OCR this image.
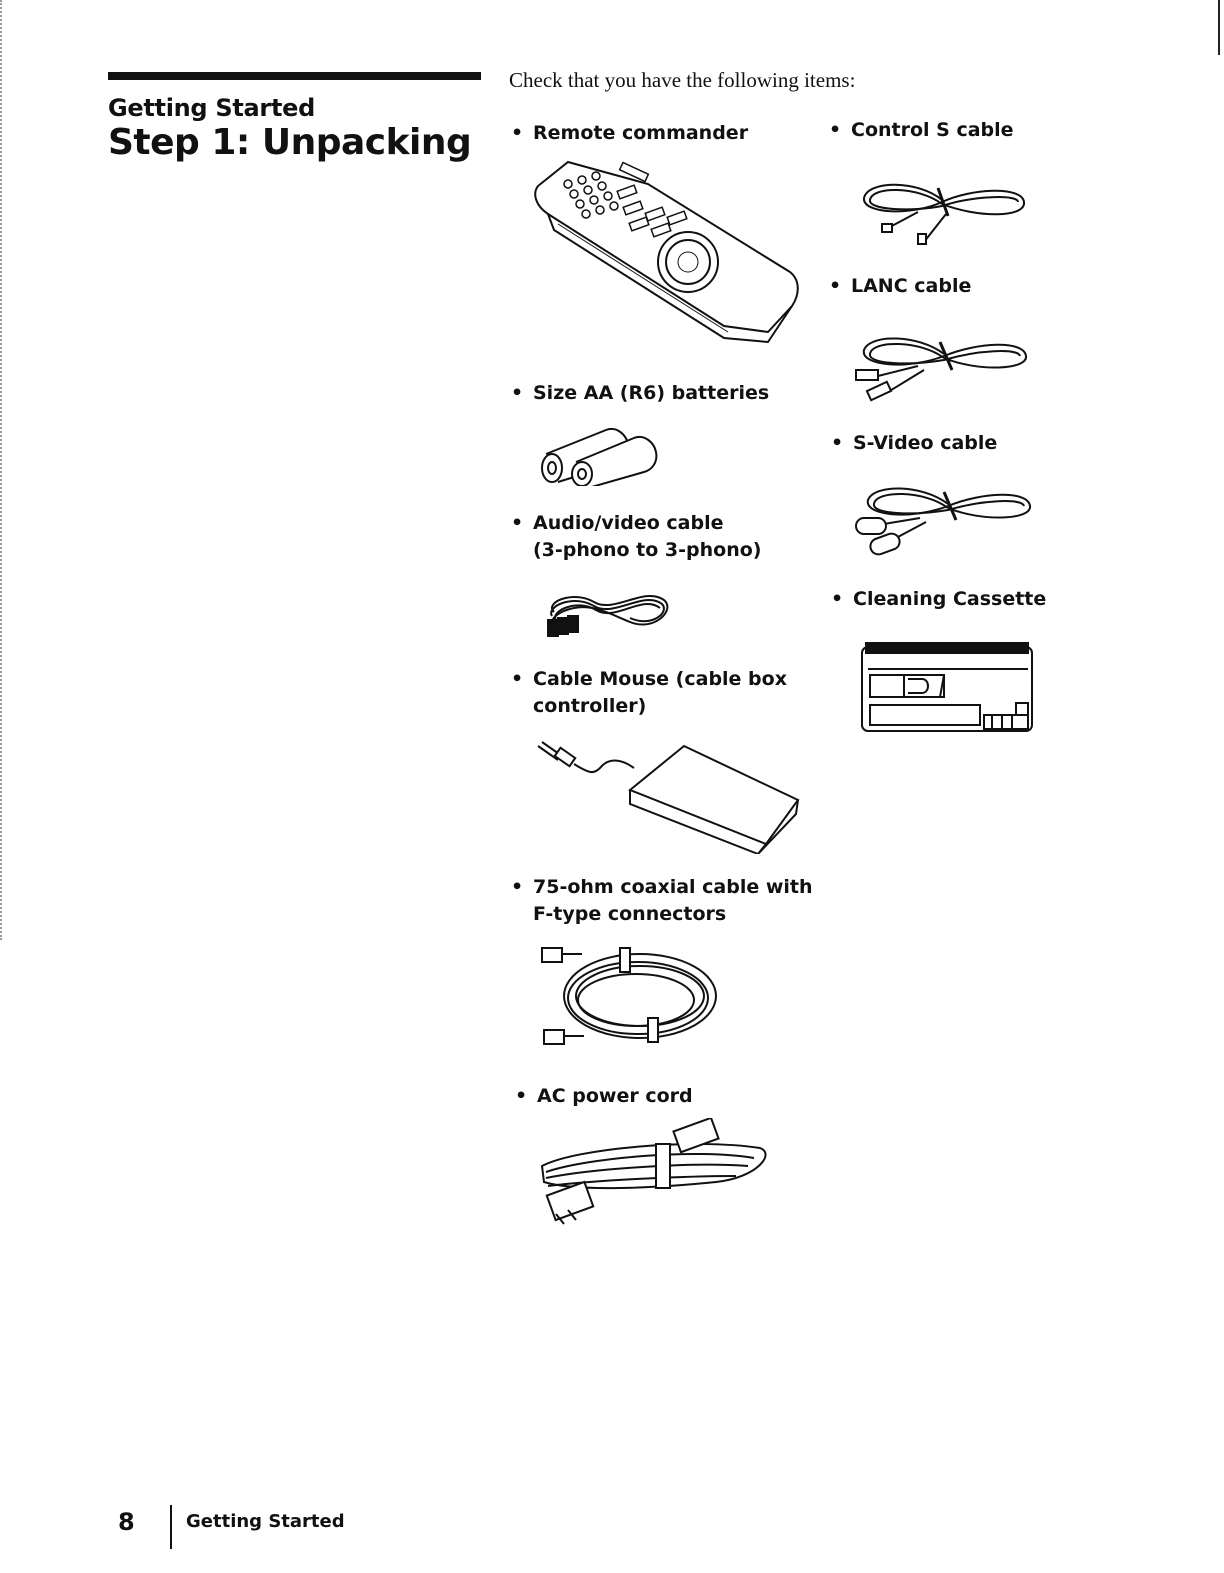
Getting Started
Step 1: Unpacking
Check that you have the following items:
• Remote commander
• Size AA (R6) batteries
• Audio/video cable
(3-phono to 3-phono)
• Cable Mouse (cable box
controller)
• 75-ohm coaxial cable with
F-type connectors
• AC power cord
• Control S cable
• LANC cable
• S-Video cable
• Cleaning Cassette
8	Getting Started
